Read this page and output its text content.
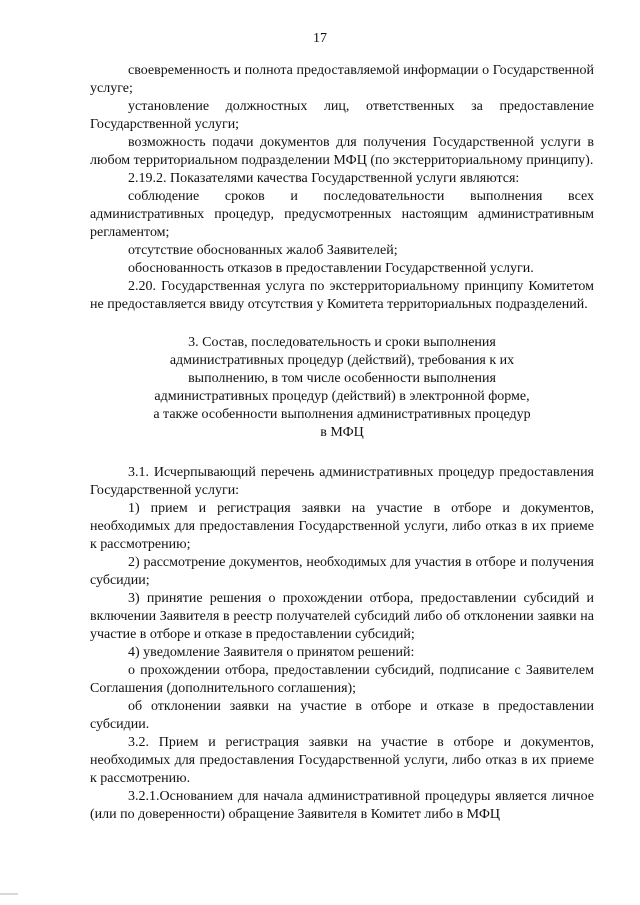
17

своевременность и полнота предоставляемой информации о Государственной услуге;

установление должностных лиц, ответственных за предоставление Государственной услуги;

возможность подачи документов для получения Государственной услуги в любом территориальном подразделении МФЦ (по экстерриториальному принципу).

2.19.2. Показателями качества Государственной услуги являются:

соблюдение сроков и последовательности выполнения всех административных процедур, предусмотренных настоящим административным регламентом;

отсутствие обоснованных жалоб Заявителей;

обоснованность отказов в предоставлении Государственной услуги.

2.20. Государственная услуга по экстерриториальному принципу Комитетом не предоставляется ввиду отсутствия у Комитета территориальных подразделений.

3. Состав, последовательность и сроки выполнения
административных процедур (действий), требования к их
выполнению, в том числе особенности выполнения
административных процедур (действий) в электронной форме,
а также особенности выполнения административных процедур
в МФЦ

3.1. Исчерпывающий перечень административных процедур предоставления Государственной услуги:

1) прием и регистрация заявки на участие в отборе и документов, необходимых для предоставления Государственной услуги, либо отказ в их приеме к рассмотрению;

2) рассмотрение документов, необходимых для участия в отборе и получения субсидии;

3) принятие решения о прохождении отбора, предоставлении субсидий и включении Заявителя в реестр получателей субсидий либо об отклонении заявки на участие в отборе и отказе в предоставлении субсидий;

4) уведомление Заявителя о принятом решений:

о прохождении отбора, предоставлении субсидий, подписание с Заявителем Соглашения (дополнительного соглашения);

об отклонении заявки на участие в отборе и отказе в предоставлении субсидии.

3.2. Прием и регистрация заявки на участие в отборе и документов, необходимых для предоставления Государственной услуги, либо отказ в их приеме к рассмотрению.

3.2.1.Основанием для начала административной процедуры является личное (или по доверенности) обращение Заявителя в Комитет либо в МФЦ
